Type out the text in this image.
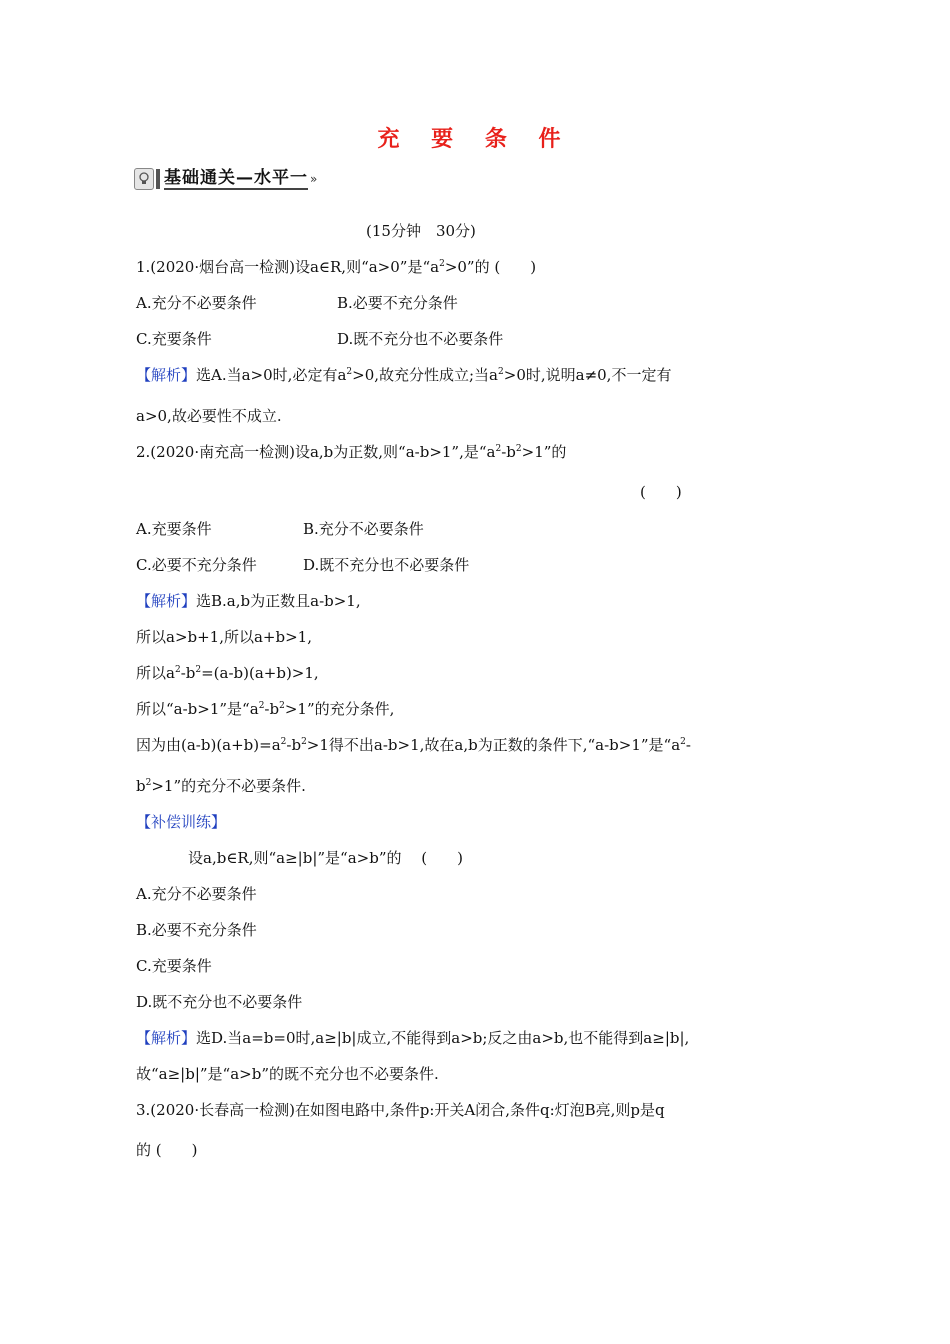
充 要 条 件
基础通关—水平一 »
(15分钟　30分)
1.(2020·烟台高一检测)设a∈R,则“a>0”是“$a^2>0$”的 (　　)
A.充分不必要条件	B.必要不充分条件
C.充要条件	D.既不充分也不必要条件
【解析】选A.当a>0时,必定有$a^2>0$,故充分性成立;当$a^2>0$时,说明a≠0,不一定有
a>0,故必要性不成立.
2.(2020·南充高一检测)设a,b为正数,则“a-b>1”,是“$a^2-b^2>1$”的
(　　)
A.充要条件	B.充分不必要条件
C.必要不充分条件	D.既不充分也不必要条件
【解析】选B.a,b为正数且a-b>1,
所以a>b+1,所以a+b>1,
所以$a^2-b^2=(a-b)(a+b)>1$,
所以“a-b>1”是“$a^2-b^2>1$”的充分条件,
因为由$(a-b)(a+b)=a^2-b^2>1$得不出a-b>1,故在a,b为正数的条件下,“a-b>1”是“$a^2-$
$b^2>1$”的充分不必要条件.
【补偿训练】
设a,b∈R,则“a≥|b|”是“a>b”的　 (　　)
A.充分不必要条件
B.必要不充分条件
C.充要条件
D.既不充分也不必要条件
【解析】选D.当a=b=0时,a≥|b|成立,不能得到a>b;反之由a>b,也不能得到a≥|b|,
故“a≥|b|”是“a>b”的既不充分也不必要条件.
3.(2020·长春高一检测)在如图电路中,条件p:开关A闭合,条件q:灯泡B亮,则p是q
的 (　　)
